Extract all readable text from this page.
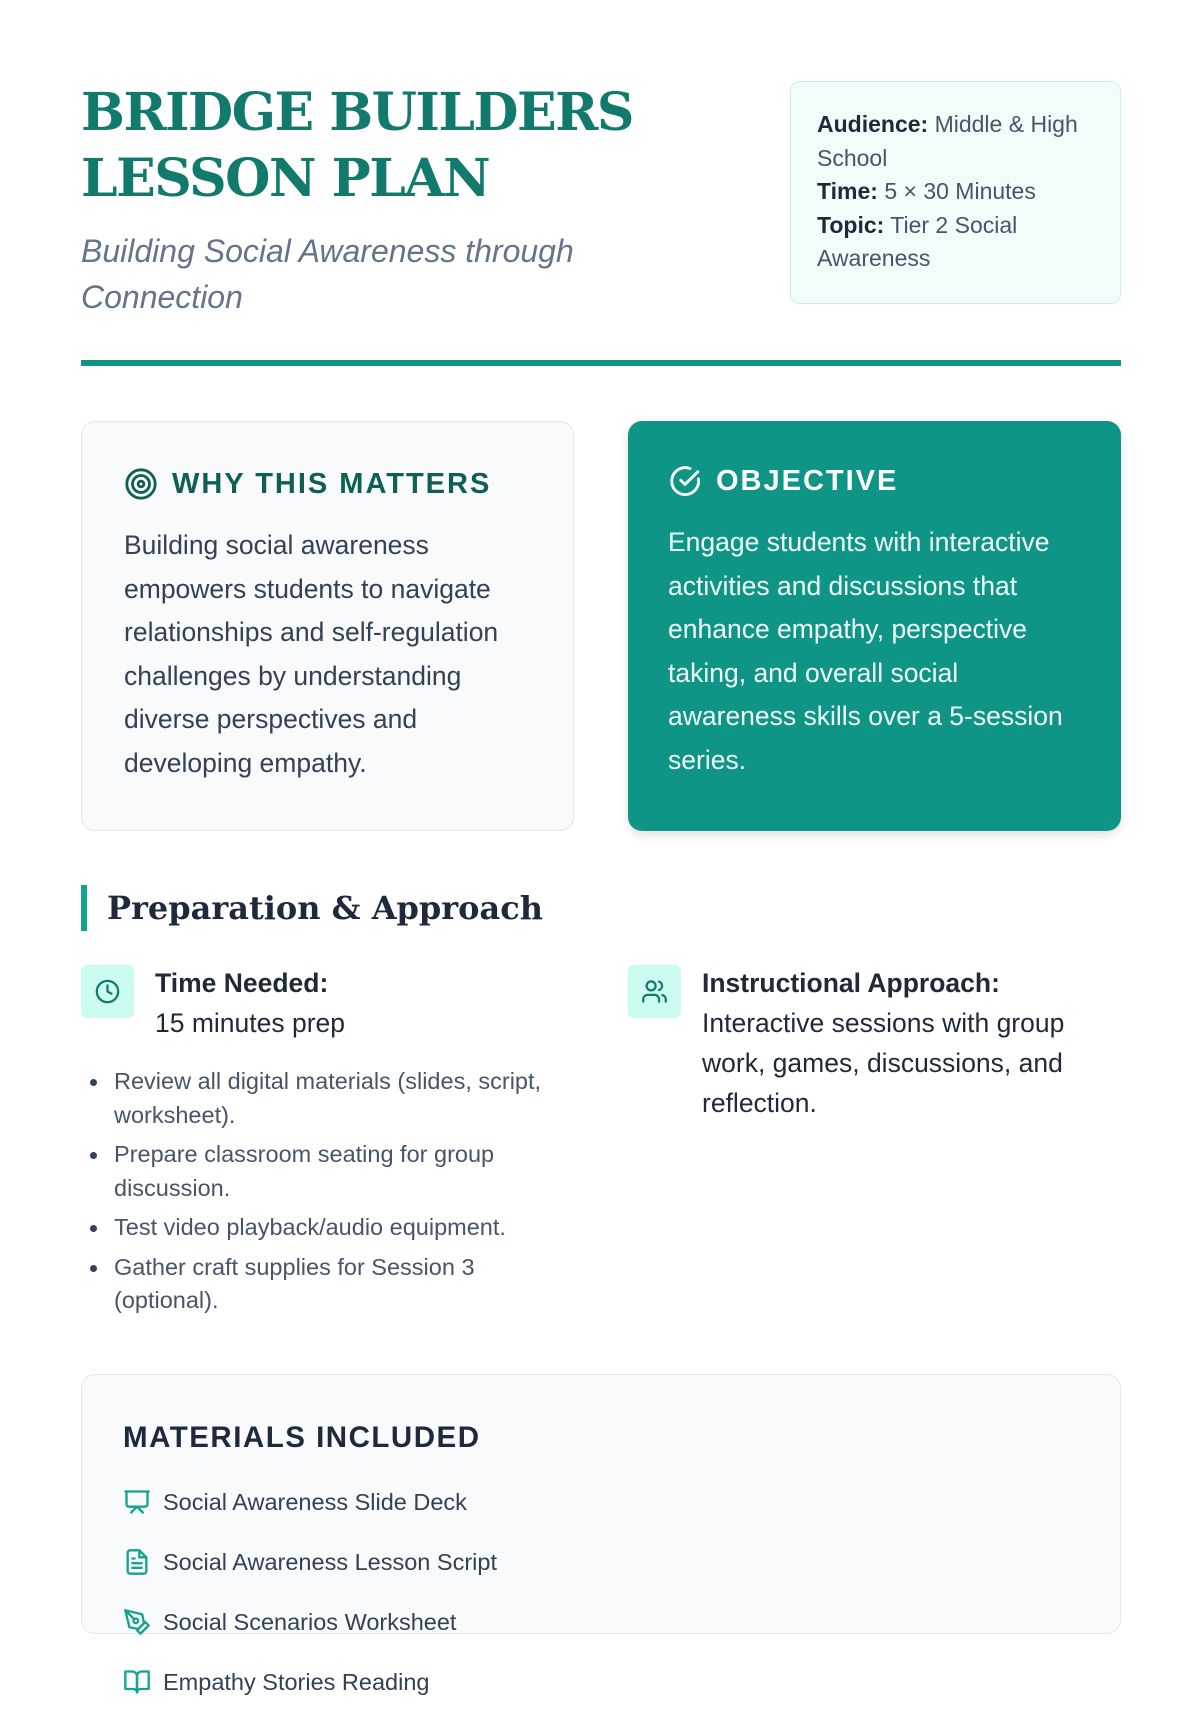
BRIDGE BUILDERS
LESSON PLAN

Building Social Awareness through Connection

Audience: Middle & High School
Time: 5 × 30 Minutes
Topic: Tier 2 Social Awareness
WHY THIS MATTERS

Building social awareness empowers students to navigate relationships and self-regulation challenges by understanding diverse perspectives and developing empathy.

OBJECTIVE

Engage students with interactive activities and discussions that enhance empathy, perspective taking, and overall social awareness skills over a 5-session series.

Preparation & Approach
Time Needed:
15 minutes prep
Instructional Approach:
Interactive sessions with group work, games, discussions, and reflection.
Review all digital materials (slides, script, worksheet).
Prepare classroom seating for group discussion.
Test video playback/audio equipment.
Gather craft supplies for Session 3 (optional).
MATERIALS INCLUDED
Social Awareness Slide Deck
Social Awareness Lesson Script
Social Scenarios Worksheet
Empathy Stories Reading
